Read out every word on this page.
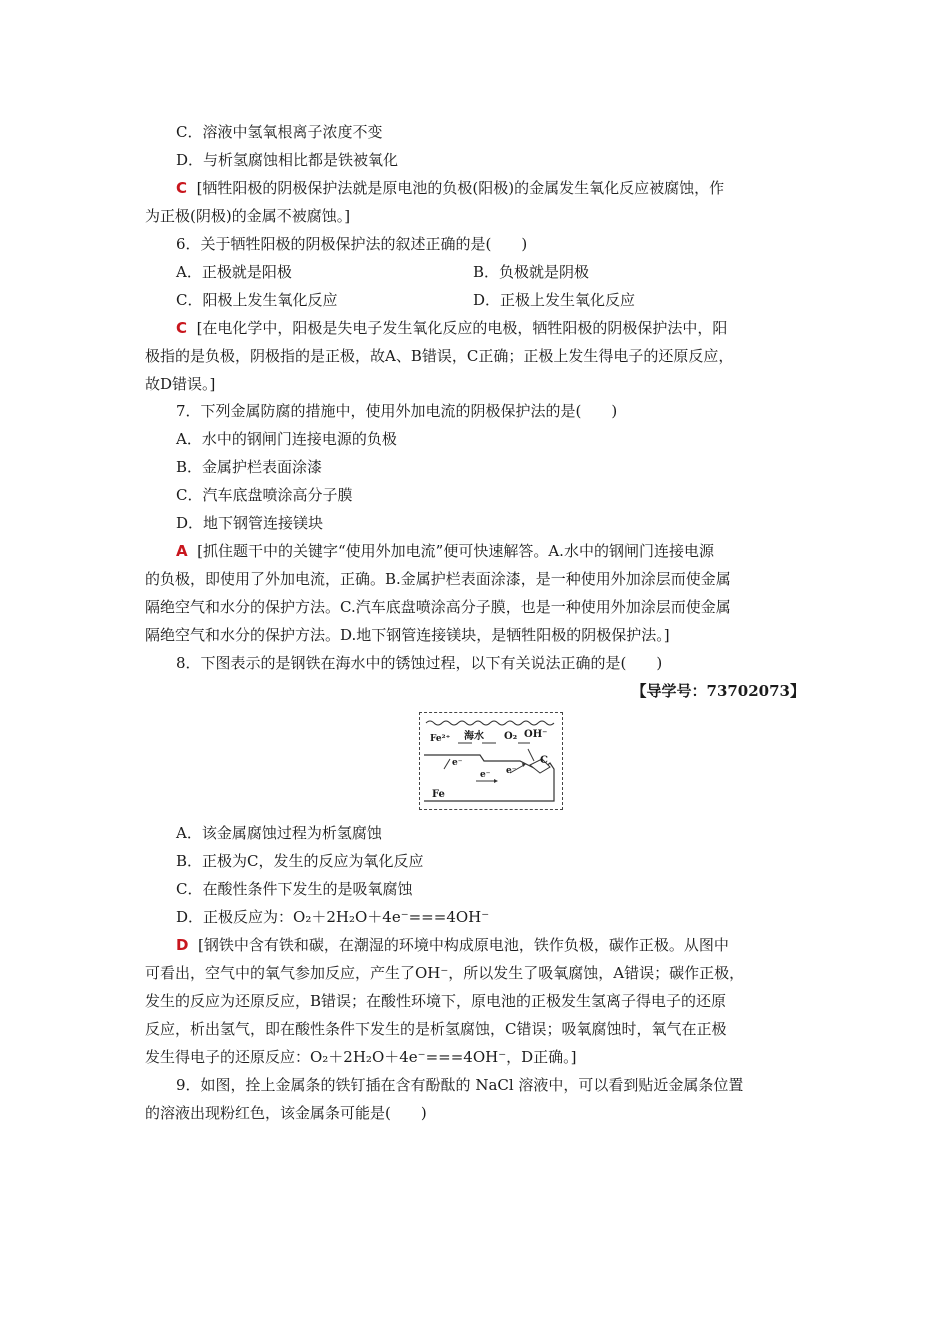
C．溶液中氢氧根离子浓度不变
D．与析氢腐蚀相比都是铁被氧化
C [牺牲阳极的阴极保护法就是原电池的负极(阳极)的金属发生氧化反应被腐蚀，作
为正极(阴极)的金属不被腐蚀。]
6．关于牺牲阳极的阴极保护法的叙述正确的是(　　)
A．正极就是阳极	B．负极就是阴极
C．阳极上发生氧化反应	D．正极上发生氧化反应
C [在电化学中，阳极是失电子发生氧化反应的电极，牺牲阳极的阴极保护法中，阳
极指的是负极，阴极指的是正极，故A、B错误，C正确；正极上发生得电子的还原反应，
故D错误。]
7．下列金属防腐的措施中，使用外加电流的阴极保护法的是(　　)
A．水中的钢闸门连接电源的负极
B．金属护栏表面涂漆
C．汽车底盘喷涂高分子膜
D．地下钢管连接镁块
A [抓住题干中的关键字“使用外加电流”便可快速解答。A.水中的钢闸门连接电源
的负极，即使用了外加电流，正确。B.金属护栏表面涂漆，是一种使用外加涂层而使金属
隔绝空气和水分的保护方法。C.汽车底盘喷涂高分子膜，也是一种使用外加涂层而使金属
隔绝空气和水分的保护方法。D.地下钢管连接镁块，是牺牲阳极的阴极保护法。]
8．下图表示的是钢铁在海水中的锈蚀过程，以下有关说法正确的是(　　)
【导学号：73702073】
Fe²⁺ 海水 O₂ OH⁻
e⁻
e⁻ e⁻
C
Fe
A．该金属腐蚀过程为析氢腐蚀
B．正极为C，发生的反应为氧化反应
C．在酸性条件下发生的是吸氧腐蚀
D．正极反应为：O₂＋2H₂O＋4e⁻===4OH⁻
D [钢铁中含有铁和碳，在潮湿的环境中构成原电池，铁作负极，碳作正极。从图中
可看出，空气中的氧气参加反应，产生了OH⁻，所以发生了吸氧腐蚀，A错误；碳作正极，
发生的反应为还原反应，B错误；在酸性环境下，原电池的正极发生氢离子得电子的还原
反应，析出氢气，即在酸性条件下发生的是析氢腐蚀，C错误；吸氧腐蚀时，氧气在正极
发生得电子的还原反应：O₂＋2H₂O＋4e⁻===4OH⁻，D正确。]
9．如图，拴上金属条的铁钉插在含有酚酞的 NaCl 溶液中，可以看到贴近金属条位置
的溶液出现粉红色，该金属条可能是(　　)
